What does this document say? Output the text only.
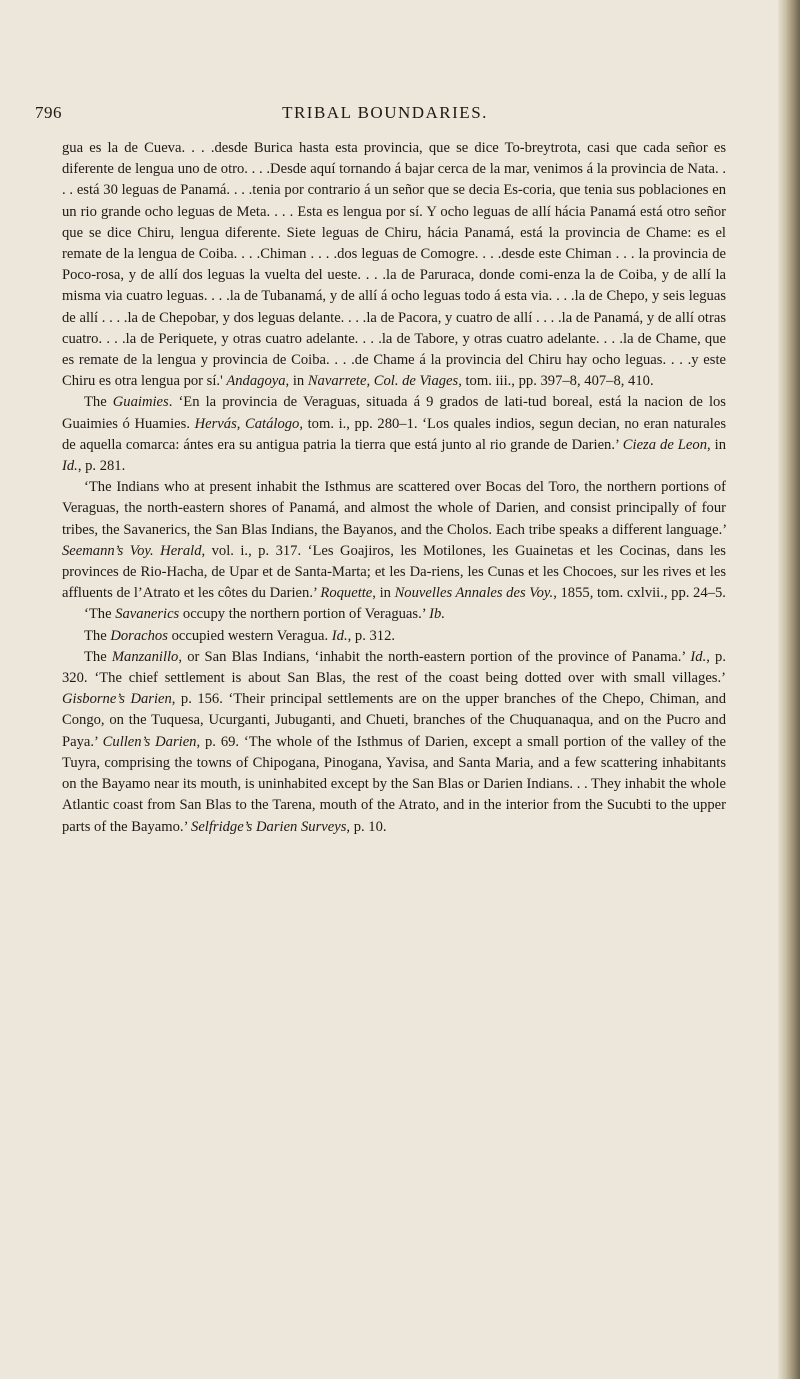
796	TRIBAL BOUNDARIES.

gua es la de Cueva. . . .desde Burica hasta esta provincia, que se dice To-breytrota, casi que cada señor es diferente de lengua uno de otro. . . .Desde aquí tornando á bajar cerca de la mar, venimos á la provincia de Nata. . . . está 30 leguas de Panamá. . . .tenia por contrario á un señor que se decia Es-coria, que tenia sus poblaciones en un rio grande ocho leguas de Meta. . . . Esta es lengua por sí. Y ocho leguas de allí hácia Panamá está otro señor que se dice Chiru, lengua diferente. Siete leguas de Chiru, hácia Panamá, está la provincia de Chame: es el remate de la lengua de Coiba. . . .Chiman . . . .dos leguas de Comogre. . . .desde este Chiman . . . la provincia de Poco-rosa, y de allí dos leguas la vuelta del ueste. . . .la de Paruraca, donde comi-enza la de Coiba, y de allí la misma via cuatro leguas. . . .la de Tubanamá, y de allí á ocho leguas todo á esta via. . . .la de Chepo, y seis leguas de allí . . . .la de Chepobar, y dos leguas delante. . . .la de Pacora, y cuatro de allí . . . .la de Panamá, y de allí otras cuatro. . . .la de Periquete, y otras cuatro adelante. . . .la de Tabore, y otras cuatro adelante. . . .la de Chame, que es remate de la lengua y provincia de Coiba. . . .de Chame á la provincia del Chiru hay ocho leguas. . . .y este Chiru es otra lengua por sí.' Andagoya, in Navarrete, Col. de Viages, tom. iii., pp. 397–8, 407–8, 410.

The Guaimies. ‘En la provincia de Veraguas, situada á 9 grados de lati-tud boreal, está la nacion de los Guaimies ó Huamies. Hervás, Catálogo, tom. i., pp. 280–1. ‘Los quales indios, segun decian, no eran naturales de aquella comarca: ántes era su antigua patria la tierra que está junto al rio grande de Darien.’ Cieza de Leon, in Id., p. 281.

‘The Indians who at present inhabit the Isthmus are scattered over Bocas del Toro, the northern portions of Veraguas, the north-eastern shores of Panamá, and almost the whole of Darien, and consist principally of four tribes, the Savanerics, the San Blas Indians, the Bayanos, and the Cholos. Each tribe speaks a different language.’ Seemann’s Voy. Herald, vol. i., p. 317. ‘Les Goajiros, les Motilones, les Guainetas et les Cocinas, dans les provinces de Rio-Hacha, de Upar et de Santa-Marta; et les Da-riens, les Cunas et les Chocoes, sur les rives et les affluents de l’Atrato et les côtes du Darien.’ Roquette, in Nouvelles Annales des Voy., 1855, tom. cxlvii., pp. 24–5.

‘The Savanerics occupy the northern portion of Veraguas.’ Ib.

The Dorachos occupied western Veragua. Id., p. 312.

The Manzanillo, or San Blas Indians, ‘inhabit the north-eastern portion of the province of Panama.’ Id., p. 320. ‘The chief settlement is about San Blas, the rest of the coast being dotted over with small villages.’ Gisborne’s Darien, p. 156. ‘Their principal settlements are on the upper branches of the Chepo, Chiman, and Congo, on the Tuquesa, Ucurganti, Jubuganti, and Chueti, branches of the Chuquanaqua, and on the Pucro and Paya.’ Cullen’s Darien, p. 69. ‘The whole of the Isthmus of Darien, except a small portion of the valley of the Tuyra, comprising the towns of Chipogana, Pinogana, Yavisa, and Santa Maria, and a few scattering inhabitants on the Bayamo near its mouth, is uninhabited except by the San Blas or Darien Indians. . . They inhabit the whole Atlantic coast from San Blas to the Tarena, mouth of the Atrato, and in the interior from the Sucubti to the upper parts of the Bayamo.’ Selfridge’s Darien Surveys, p. 10.
